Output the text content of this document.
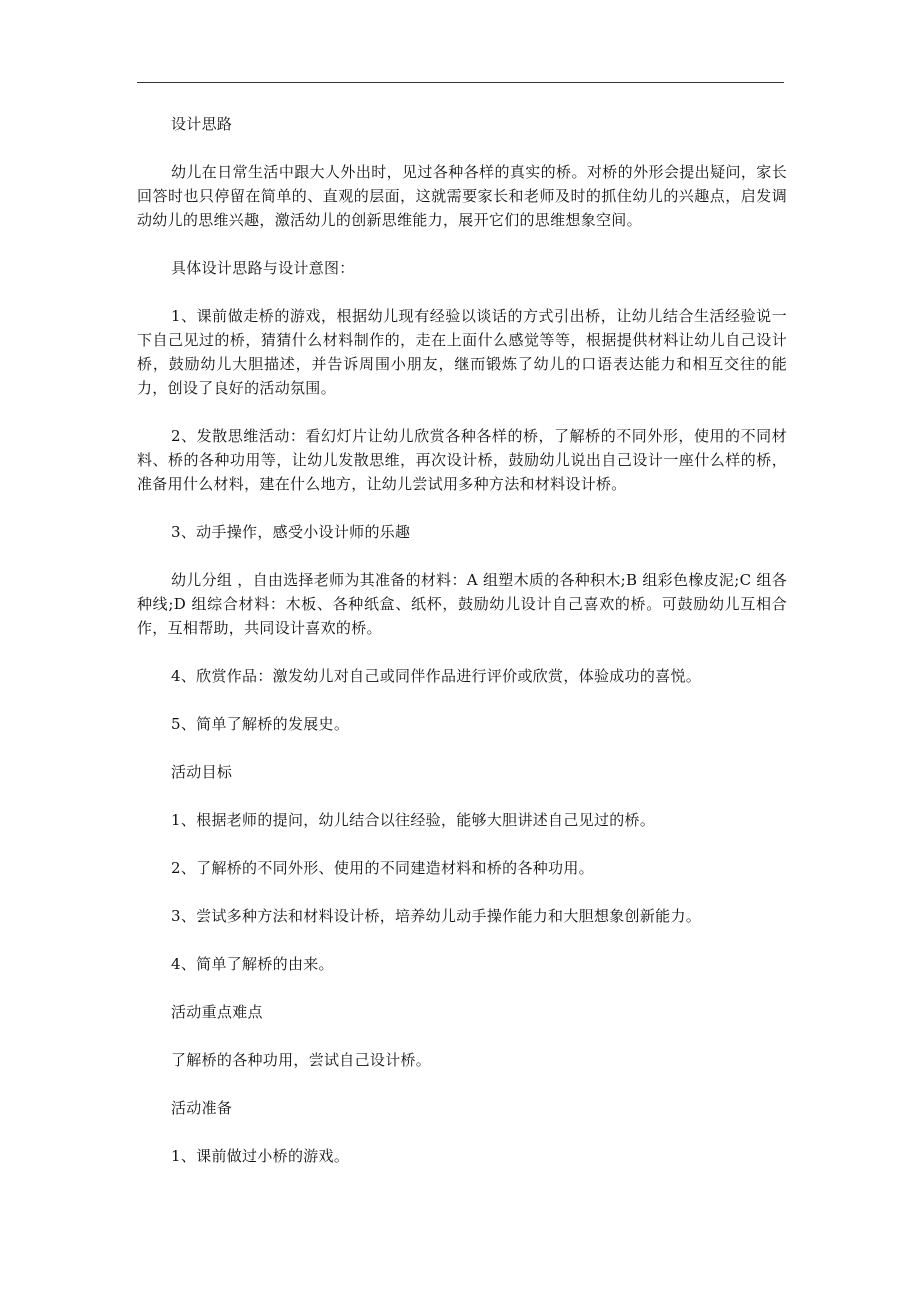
设计思路

幼儿在日常生活中跟大人外出时，见过各种各样的真实的桥。对桥的外形会提出疑问，家长回答时也只停留在简单的、直观的层面，这就需要家长和老师及时的抓住幼儿的兴趣点，启发调动幼儿的思维兴趣，激活幼儿的创新思维能力，展开它们的思维想象空间。

具体设计思路与设计意图：

1、课前做走桥的游戏，根据幼儿现有经验以谈话的方式引出桥，让幼儿结合生活经验说一下自己见过的桥，猜猜什么材料制作的，走在上面什么感觉等等，根据提供材料让幼儿自己设计桥，鼓励幼儿大胆描述，并告诉周围小朋友，继而锻炼了幼儿的口语表达能力和相互交往的能力，创设了良好的活动氛围。

2、发散思维活动：看幻灯片让幼儿欣赏各种各样的桥，了解桥的不同外形，使用的不同材料、桥的各种功用等，让幼儿发散思维，再次设计桥，鼓励幼儿说出自己设计一座什么样的桥，准备用什么材料，建在什么地方，让幼儿尝试用多种方法和材料设计桥。

3、动手操作，感受小设计师的乐趣

幼儿分组 ，自由选择老师为其准备的材料：A 组塑木质的各种积木;B 组彩色橡皮泥;C 组各种线;D 组综合材料：木板、各种纸盒、纸杯，鼓励幼儿设计自己喜欢的桥。可鼓励幼儿互相合作，互相帮助，共同设计喜欢的桥。

4、欣赏作品：激发幼儿对自己或同伴作品进行评价或欣赏，体验成功的喜悦。

5、简单了解桥的发展史。

活动目标

1、根据老师的提问，幼儿结合以往经验，能够大胆讲述自己见过的桥。

2、了解桥的不同外形、使用的不同建造材料和桥的各种功用。

3、尝试多种方法和材料设计桥，培养幼儿动手操作能力和大胆想象创新能力。

4、简单了解桥的由来。

活动重点难点

了解桥的各种功用，尝试自己设计桥。

活动准备

1、课前做过小桥的游戏。
